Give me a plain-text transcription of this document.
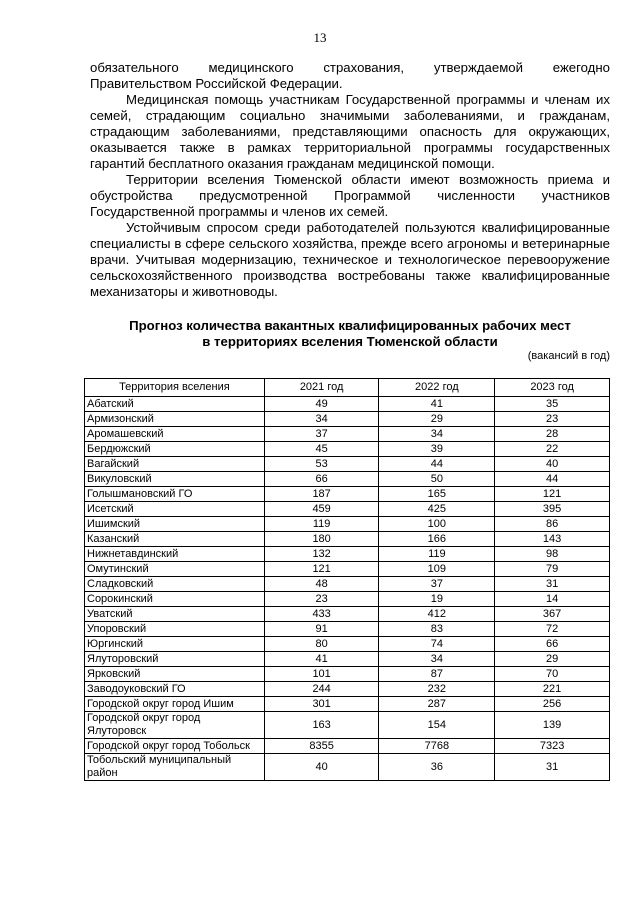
13

обязательного медицинского страхования, утверждаемой ежегодно Правительством Российской Федерации.

Медицинская помощь участникам Государственной программы и членам их семей, страдающим социально значимыми заболеваниями, и гражданам, страдающим заболеваниями, представляющими опасность для окружающих, оказывается также в рамках территориальной программы государственных гарантий бесплатного оказания гражданам медицинской помощи.

Территории вселения Тюменской области имеют возможность приема и обустройства предусмотренной Программой численности участников Государственной программы и членов их семей.

Устойчивым спросом среди работодателей пользуются квалифицированные специалисты в сфере сельского хозяйства, прежде всего агрономы и ветеринарные врачи. Учитывая модернизацию, техническое и технологическое перевооружение сельскохозяйственного производства востребованы также квалифицированные механизаторы и животноводы.

Прогноз количества вакантных квалифицированных рабочих мест
в территориях вселения Тюменской области
(вакансий в год)
Территория вселения	2021 год	2022 год	2023 год
Абатский	49	41	35
Армизонский	34	29	23
Аромашевский	37	34	28
Бердюжский	45	39	22
Вагайский	53	44	40
Викуловский	66	50	44
Голышмановский ГО	187	165	121
Исетский	459	425	395
Ишимский	119	100	86
Казанский	180	166	143
Нижнетавдинский	132	119	98
Омутинский	121	109	79
Сладковский	48	37	31
Сорокинский	23	19	14
Уватский	433	412	367
Упоровский	91	83	72
Юргинский	80	74	66
Ялуторовский	41	34	29
Ярковский	101	87	70
Заводоуковский ГО	244	232	221
Городской округ город Ишим	301	287	256
Городской округ город Ялуторовск	163	154	139
Городской округ город Тобольск	8355	7768	7323
Тобольский муниципальный район	40	36	31
